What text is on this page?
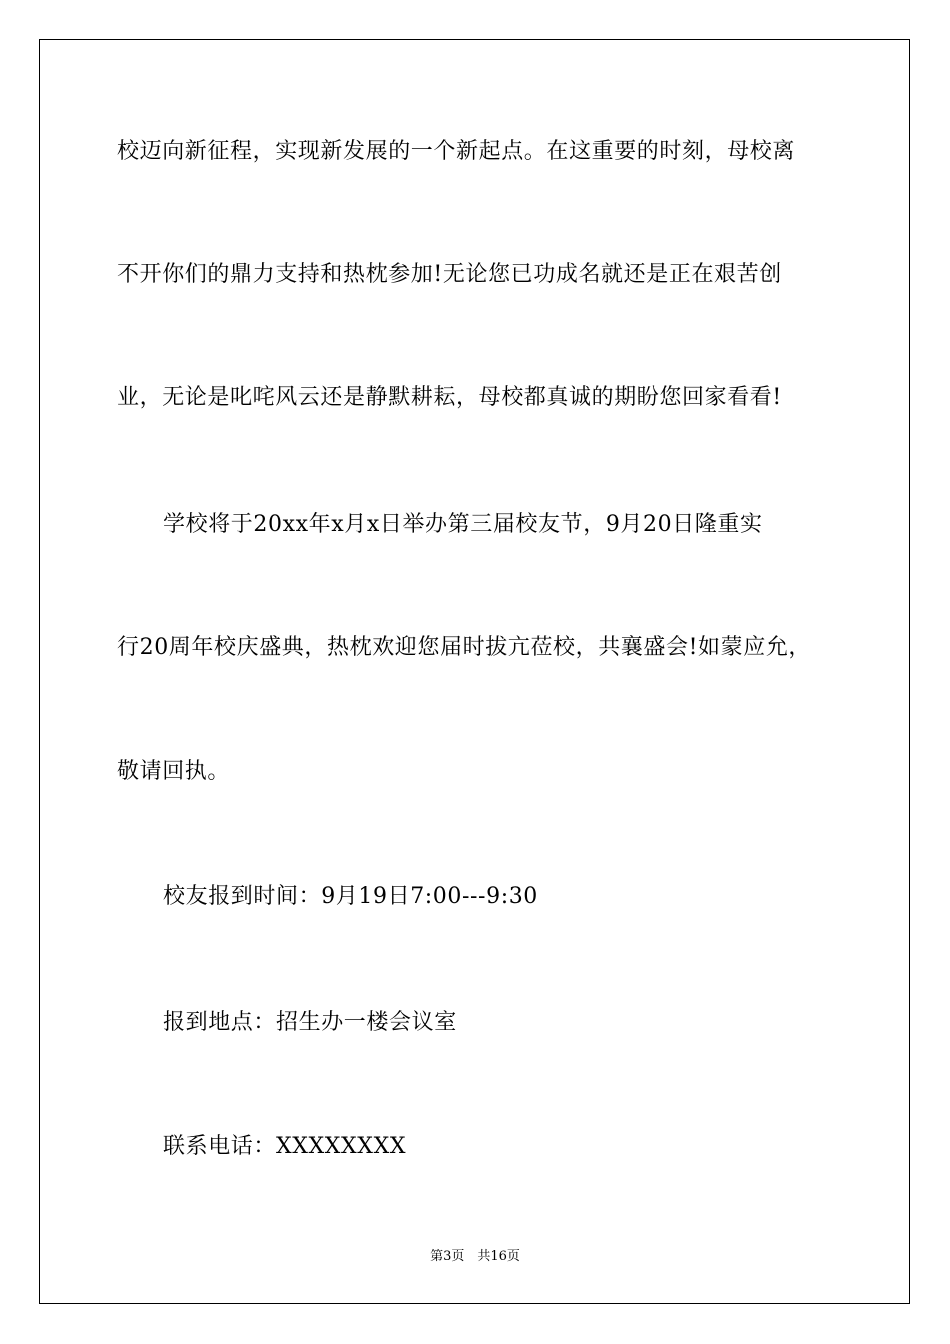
校迈向新征程，实现新发展的一个新起点。在这重要的时刻，母校离
不开你们的鼎力支持和热枕参加!无论您已功成名就还是正在艰苦创
业，无论是叱咤风云还是静默耕耘，母校都真诚的期盼您回家看看!
学校将于20xx年x月x日举办第三届校友节，9月20日隆重实
行20周年校庆盛典，热枕欢迎您届时拔亢莅校，共襄盛会!如蒙应允，
敬请回执。
校友报到时间：9月19日7:00---9:30
报到地点：招生办一楼会议室
联系电话：XXXXXXXX
第3页　共16页
